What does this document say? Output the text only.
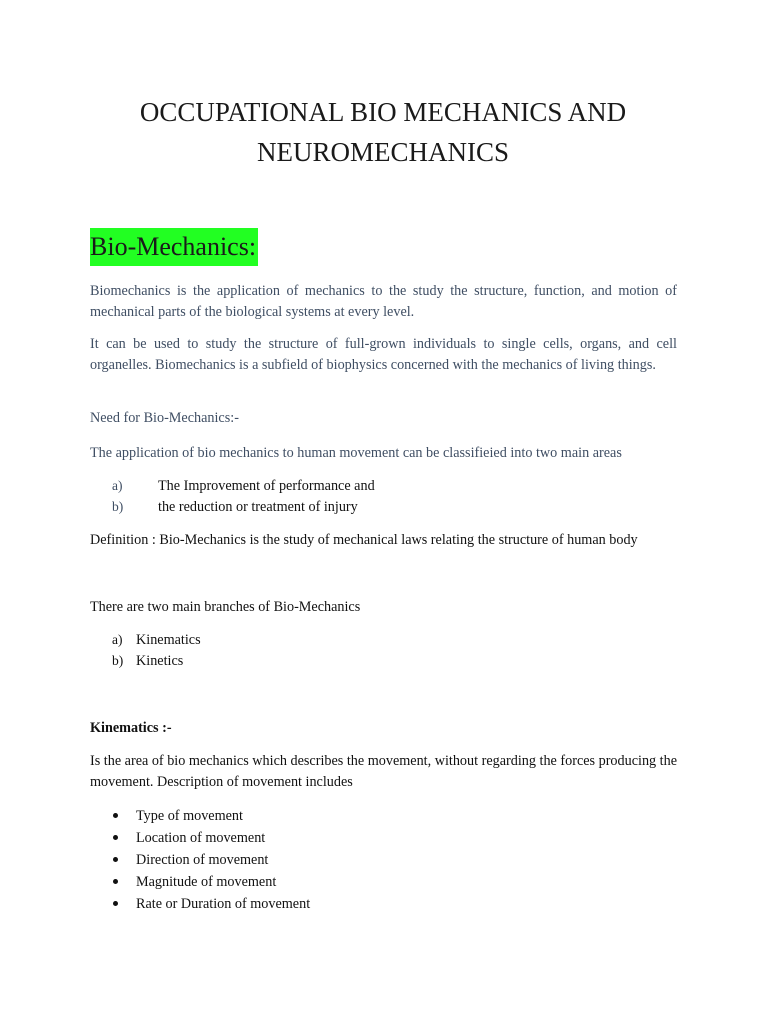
OCCUPATIONAL BIO MECHANICS AND
NEUROMECHANICS
Bio-Mechanics:
Biomechanics is the application of mechanics to the study the structure, function, and motion of mechanical parts of the biological systems at every level.
It can be used to study the structure of full-grown individuals to single cells, organs, and cell organelles. Biomechanics is a subfield of biophysics concerned with the mechanics of living things.
Need for Bio-Mechanics:-
The application of bio mechanics to human movement can be classifieied into two main areas
a)	The Improvement of performance and
b) the reduction or treatment of injury
Definition : Bio-Mechanics is the study of mechanical laws relating the structure of human body
There are two main branches of Bio-Mechanics
a) Kinematics
b) Kinetics
Kinematics :-
Is the area of bio mechanics which describes the movement, without regarding the forces producing the movement. Description of movement includes
Type of movement
Location of movement
Direction of movement
Magnitude of movement
Rate or Duration of movement
